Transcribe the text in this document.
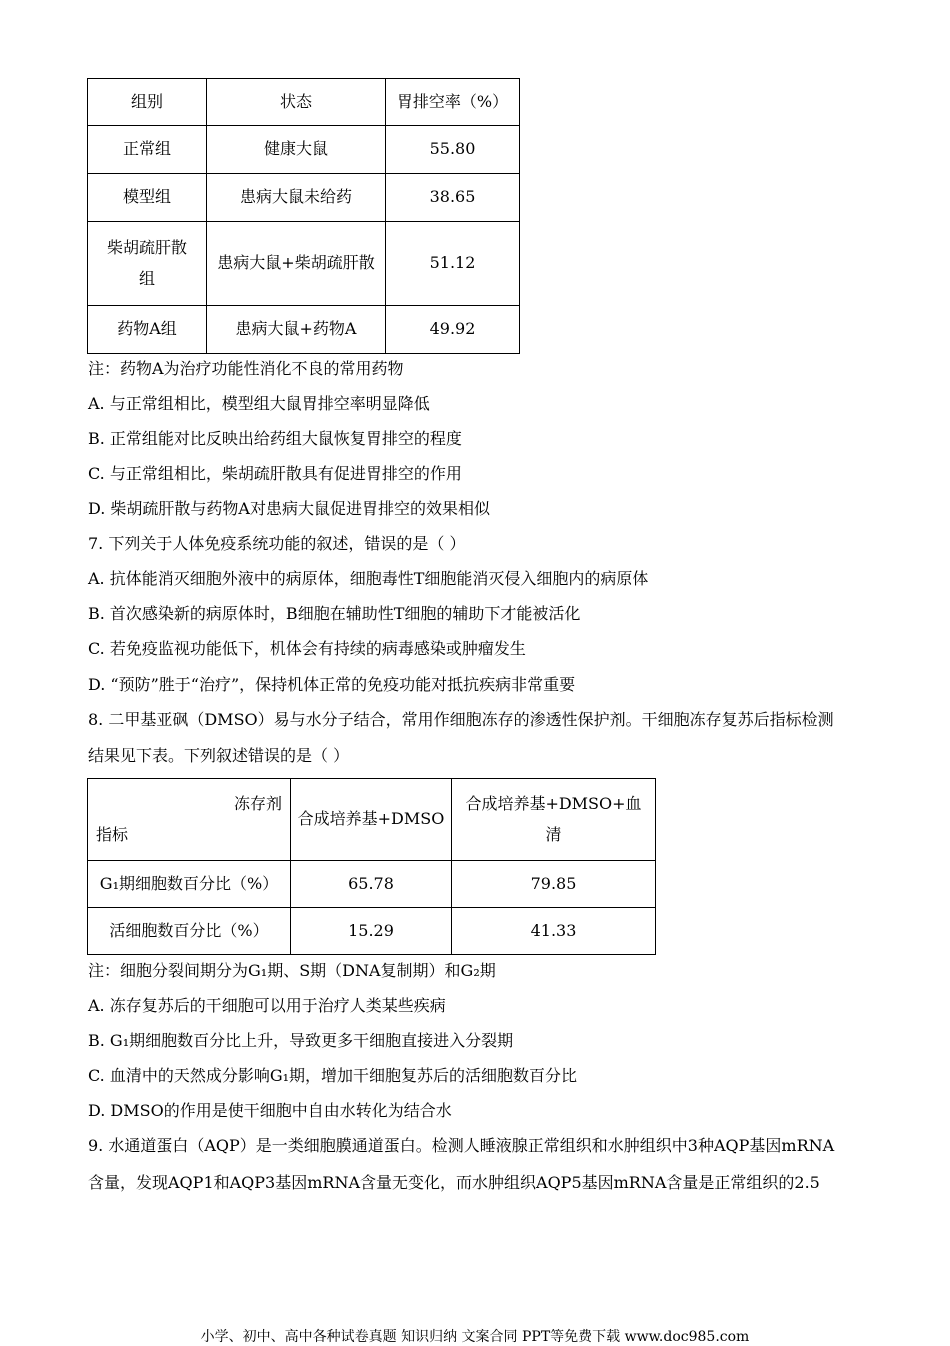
组别	状态	胃排空率（%）
正常组	健康大鼠	55.80
模型组	患病大鼠未给药	38.65
柴胡疏肝散组	患病大鼠+柴胡疏肝散	51.12
药物A组	患病大鼠+药物A	49.92
注：药物A为治疗功能性消化不良的常用药物
A. 与正常组相比，模型组大鼠胃排空率明显降低
B. 正常组能对比反映出给药组大鼠恢复胃排空的程度
C. 与正常组相比，柴胡疏肝散具有促进胃排空的作用
D. 柴胡疏肝散与药物A对患病大鼠促进胃排空的效果相似
7. 下列关于人体免疫系统功能的叙述，错误的是（ ）
A. 抗体能消灭细胞外液中的病原体，细胞毒性T细胞能消灭侵入细胞内的病原体
B. 首次感染新的病原体时，B细胞在辅助性T细胞的辅助下才能被活化
C. 若免疫监视功能低下，机体会有持续的病毒感染或肿瘤发生
D. “预防”胜于“治疗”，保持机体正常的免疫功能对抵抗疾病非常重要
8. 二甲基亚砜（DMSO）易与水分子结合，常用作细胞冻存的渗透性保护剂。干细胞冻存复苏后指标检测
结果见下表。下列叙述错误的是（ ）
冻存剂
指标	合成培养基+DMSO	合成培养基+DMSO+血清
G₁期细胞数百分比（%）	65.78	79.85
活细胞数百分比（%）	15.29	41.33
注：细胞分裂间期分为G₁期、S期（DNA复制期）和G₂期
A. 冻存复苏后的干细胞可以用于治疗人类某些疾病
B. G₁期细胞数百分比上升，导致更多干细胞直接进入分裂期
C. 血清中的天然成分影响G₁期，增加干细胞复苏后的活细胞数百分比
D. DMSO的作用是使干细胞中自由水转化为结合水
9. 水通道蛋白（AQP）是一类细胞膜通道蛋白。检测人睡液腺正常组织和水肿组织中3种AQP基因mRNA
含量，发现AQP1和AQP3基因mRNA含量无变化，而水肿组织AQP5基因mRNA含量是正常组织的2.5
小学、初中、高中各种试卷真题 知识归纳 文案合同 PPT等免费下载 www.doc985.com
